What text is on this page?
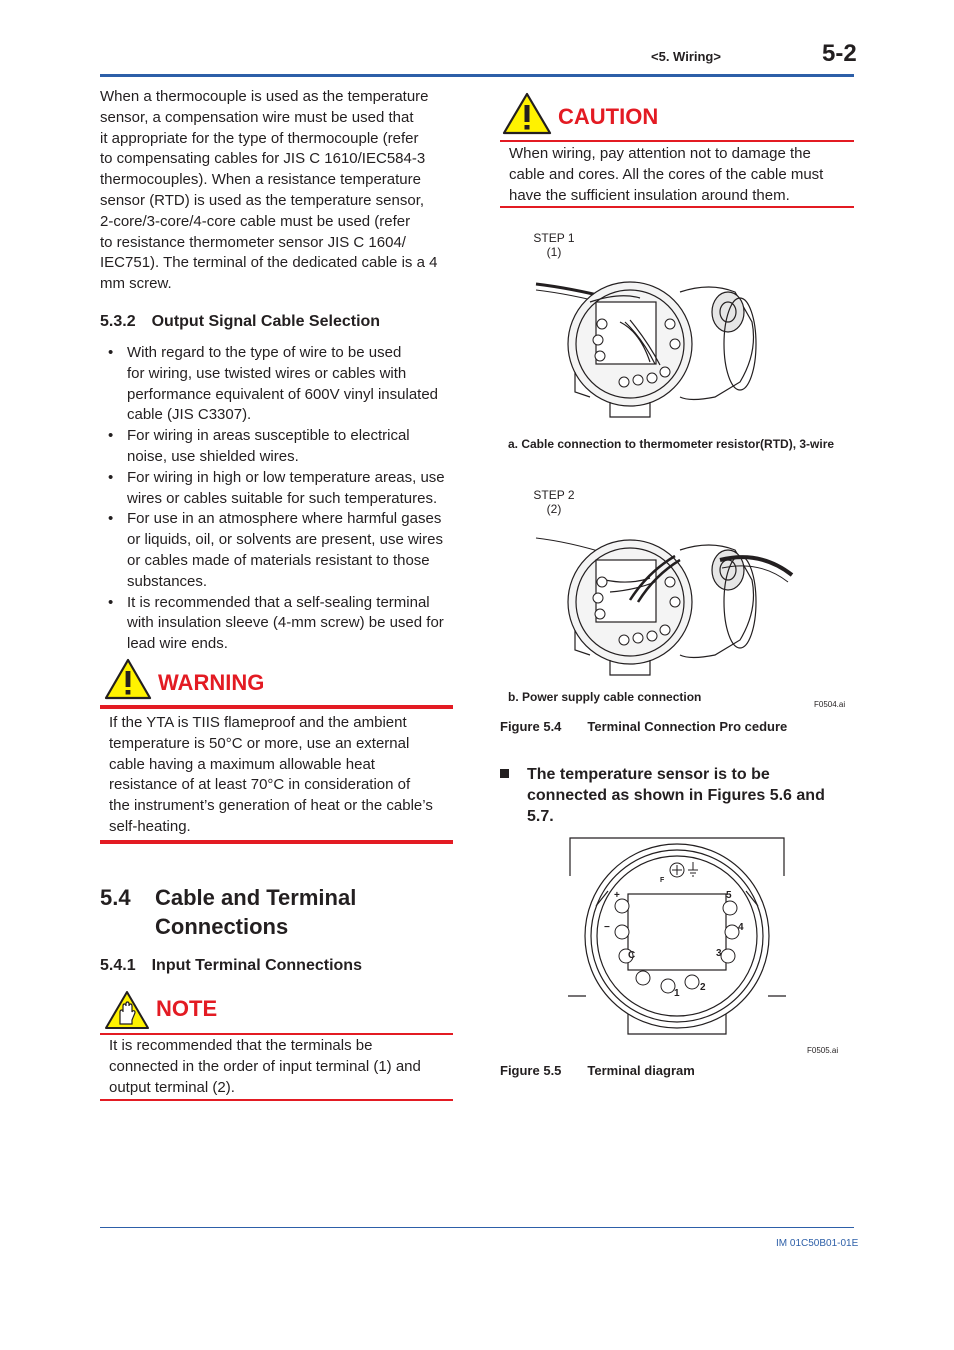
<5. Wiring>	5-2
When a thermocouple is used as the temperature
sensor, a compensation wire must be used that
it appropriate for the type of thermocouple (refer
to compensating cables for JIS C 1610/IEC584-3
thermocouples). When a resistance temperature
sensor (RTD) is used as the temperature sensor,
2-core/3-core/4-core cable must be used (refer
to resistance thermometer sensor JIS C 1604/
IEC751). The terminal of the dedicated cable is a 4
mm screw.
5.3.2 Output Signal Cable Selection
• With regard to the type of wire to be used
for wiring, use twisted wires or cables with
performance equivalent of 600V vinyl insulated
cable (JIS C3307).
• For wiring in areas susceptible to electrical
noise, use shielded wires.
• For wiring in high or low temperature areas, use
wires or cables suitable for such temperatures.
• For use in an atmosphere where harmful gases
or liquids, oil, or solvents are present, use wires
or cables made of materials resistant to those
substances.
• It is recommended that a self-sealing terminal
with insulation sleeve (4-mm screw) be used for
lead wire ends.
WARNING
If the YTA is TIIS flameproof and the ambient
temperature is 50°C or more, use an external
cable having a maximum allowable heat
resistance of at least 70°C in consideration of
the instrument’s generation of heat or the cable’s
self-heating.
5.4 Cable and Terminal
Connections
5.4.1 Input Terminal Connections
NOTE
It is recommended that the terminals be
connected in the order of input terminal (1) and
output terminal (2).
CAUTION
When wiring, pay attention not to damage the
cable and cores. All the cores of the cable must
have the sufficient insulation around them.
STEP 1
(1)
a. Cable connection to thermometer resistor(RTD), 3-wire
STEP 2
(2)
b. Power supply cable connection
F0504.ai
Figure 5.4 Terminal Connection Pro cedure
The temperature sensor is to be
connected as shown in Figures 5.6 and
5.7.
+
−
C
1
2
3
4
5
F
F0505.ai
Figure 5.5 Terminal diagram
IM 01C50B01-01E
